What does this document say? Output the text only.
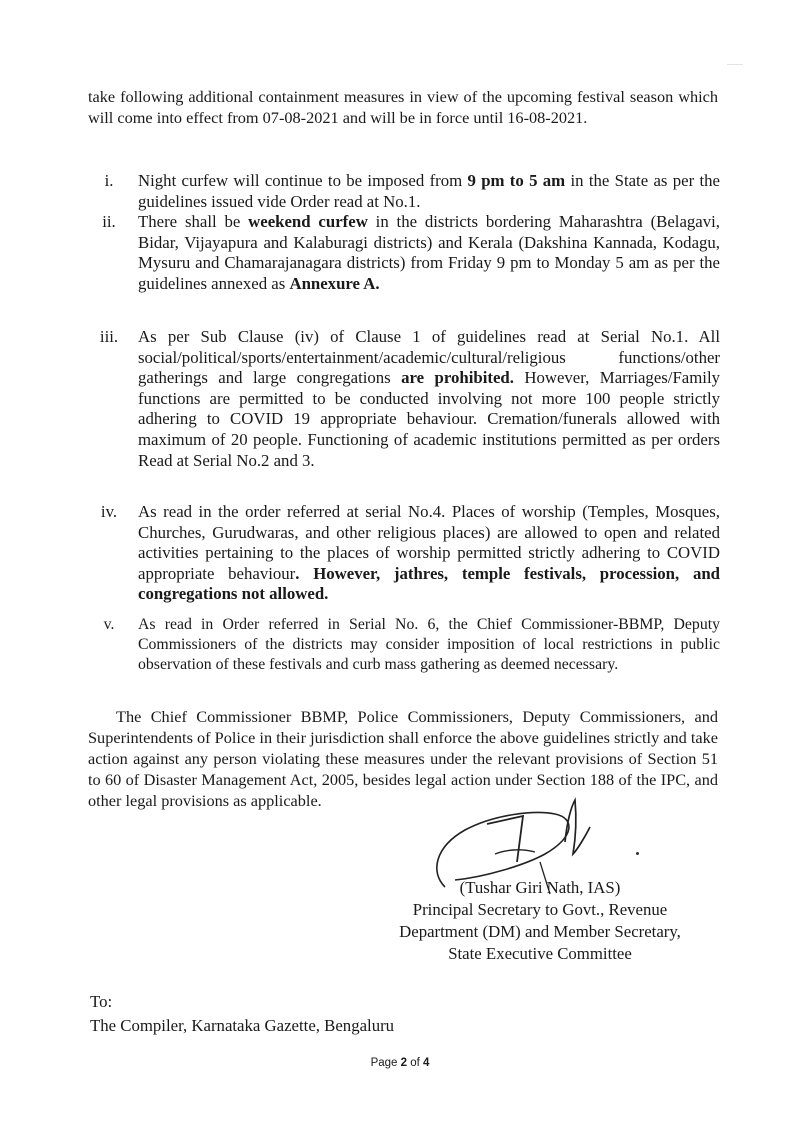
take following additional containment measures in view of the upcoming festival season which will come into effect from 07-08-2021 and will be in force until 16-08-2021.

i.	Night curfew will continue to be imposed from 9 pm to 5 am in the State as per the guidelines issued vide Order read at No.1.
ii.	There shall be weekend curfew in the districts bordering Maharashtra (Belagavi, Bidar, Vijayapura and Kalaburagi districts) and Kerala (Dakshina Kannada, Kodagu, Mysuru and Chamarajanagara districts) from Friday 9 pm to Monday 5 am as per the guidelines annexed as Annexure A.
iii.	As per Sub Clause (iv) of Clause 1 of guidelines read at Serial No.1. All social/political/sports/entertainment/academic/cultural/religious functions/other gatherings and large congregations are prohibited. However, Marriages/Family functions are permitted to be conducted involving not more 100 people strictly adhering to COVID 19 appropriate behaviour. Cremation/funerals allowed with maximum of 20 people. Functioning of academic institutions permitted as per orders Read at Serial No.2 and 3.
iv.	As read in the order referred at serial No.4. Places of worship (Temples, Mosques, Churches, Gurudwaras, and other religious places) are allowed to open and related activities pertaining to the places of worship permitted strictly adhering to COVID appropriate behaviour. However, jathres, temple festivals, procession, and congregations not allowed.
v.	As read in Order referred in Serial No. 6, the Chief Commissioner-BBMP, Deputy Commissioners of the districts may consider imposition of local restrictions in public observation of these festivals and curb mass gathering as deemed necessary.

The Chief Commissioner BBMP, Police Commissioners, Deputy Commissioners, and Superintendents of Police in their jurisdiction shall enforce the above guidelines strictly and take action against any person violating these measures under the relevant provisions of Section 51 to 60 of Disaster Management Act, 2005, besides legal action under Section 188 of the IPC, and other legal provisions as applicable.

(Tushar Giri Nath, IAS)
Principal Secretary to Govt., Revenue
Department (DM) and Member Secretary,
State Executive Committee
To:
The Compiler, Karnataka Gazette, Bengaluru
Page 2 of 4
